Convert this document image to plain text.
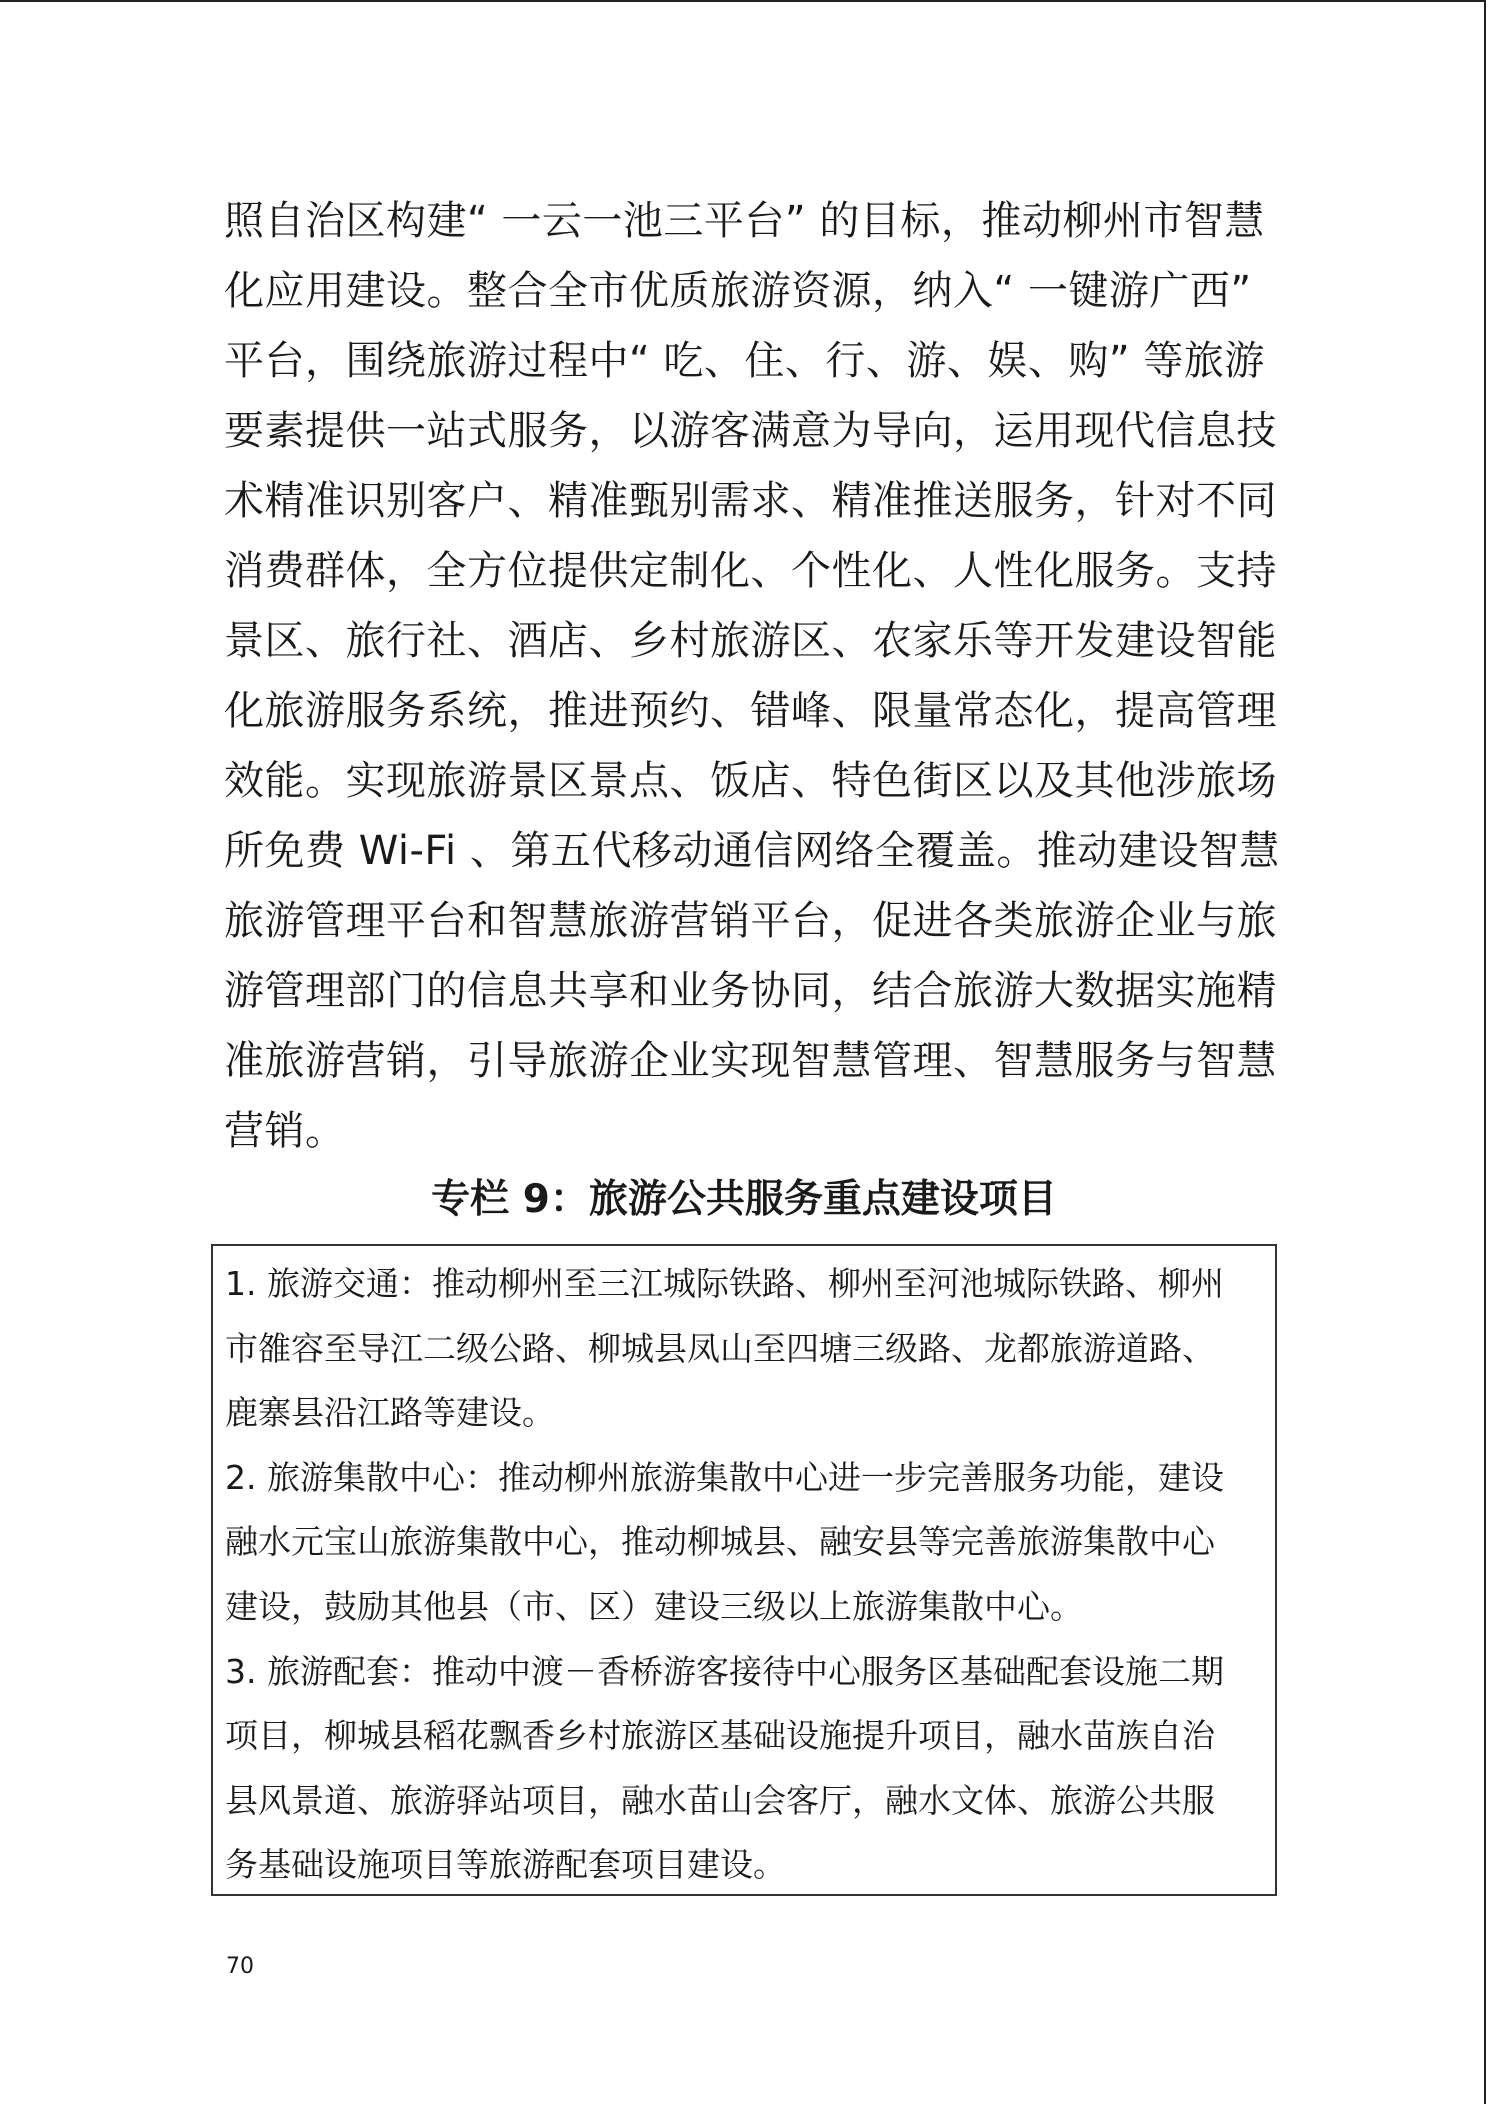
照自治区构建“ 一云一池三平台” 的目标，推动柳州市智慧
化应用建设。整合全市优质旅游资源，纳入“ 一键游广西”
平台，围绕旅游过程中“ 吃、住、行、游、娱、购” 等旅游
要素提供一站式服务，以游客满意为导向，运用现代信息技
术精准识别客户、精准甄别需求、精准推送服务，针对不同
消费群体，全方位提供定制化、个性化、人性化服务。支持
景区、旅行社、酒店、乡村旅游区、农家乐等开发建设智能
化旅游服务系统，推进预约、错峰、限量常态化，提高管理
效能。实现旅游景区景点、饭店、特色街区以及其他涉旅场
所免费 Wi-Fi 、第五代移动通信网络全覆盖。推动建设智慧
旅游管理平台和智慧旅游营销平台，促进各类旅游企业与旅
游管理部门的信息共享和业务协同，结合旅游大数据实施精
准旅游营销，引导旅游企业实现智慧管理、智慧服务与智慧
营销。
专栏 9：旅游公共服务重点建设项目
1. 旅游交通：推动柳州至三江城际铁路、柳州至河池城际铁路、柳州
市雒容至导江二级公路、柳城县凤山至四塘三级路、龙都旅游道路、
鹿寨县沿江路等建设。
2. 旅游集散中心：推动柳州旅游集散中心进一步完善服务功能，建设
融水元宝山旅游集散中心，推动柳城县、融安县等完善旅游集散中心
建设，鼓励其他县（市、区）建设三级以上旅游集散中心。
3. 旅游配套：推动中渡－香桥游客接待中心服务区基础配套设施二期
项目，柳城县稻花飘香乡村旅游区基础设施提升项目，融水苗族自治
县风景道、旅游驿站项目，融水苗山会客厅，融水文体、旅游公共服
务基础设施项目等旅游配套项目建设。
70
